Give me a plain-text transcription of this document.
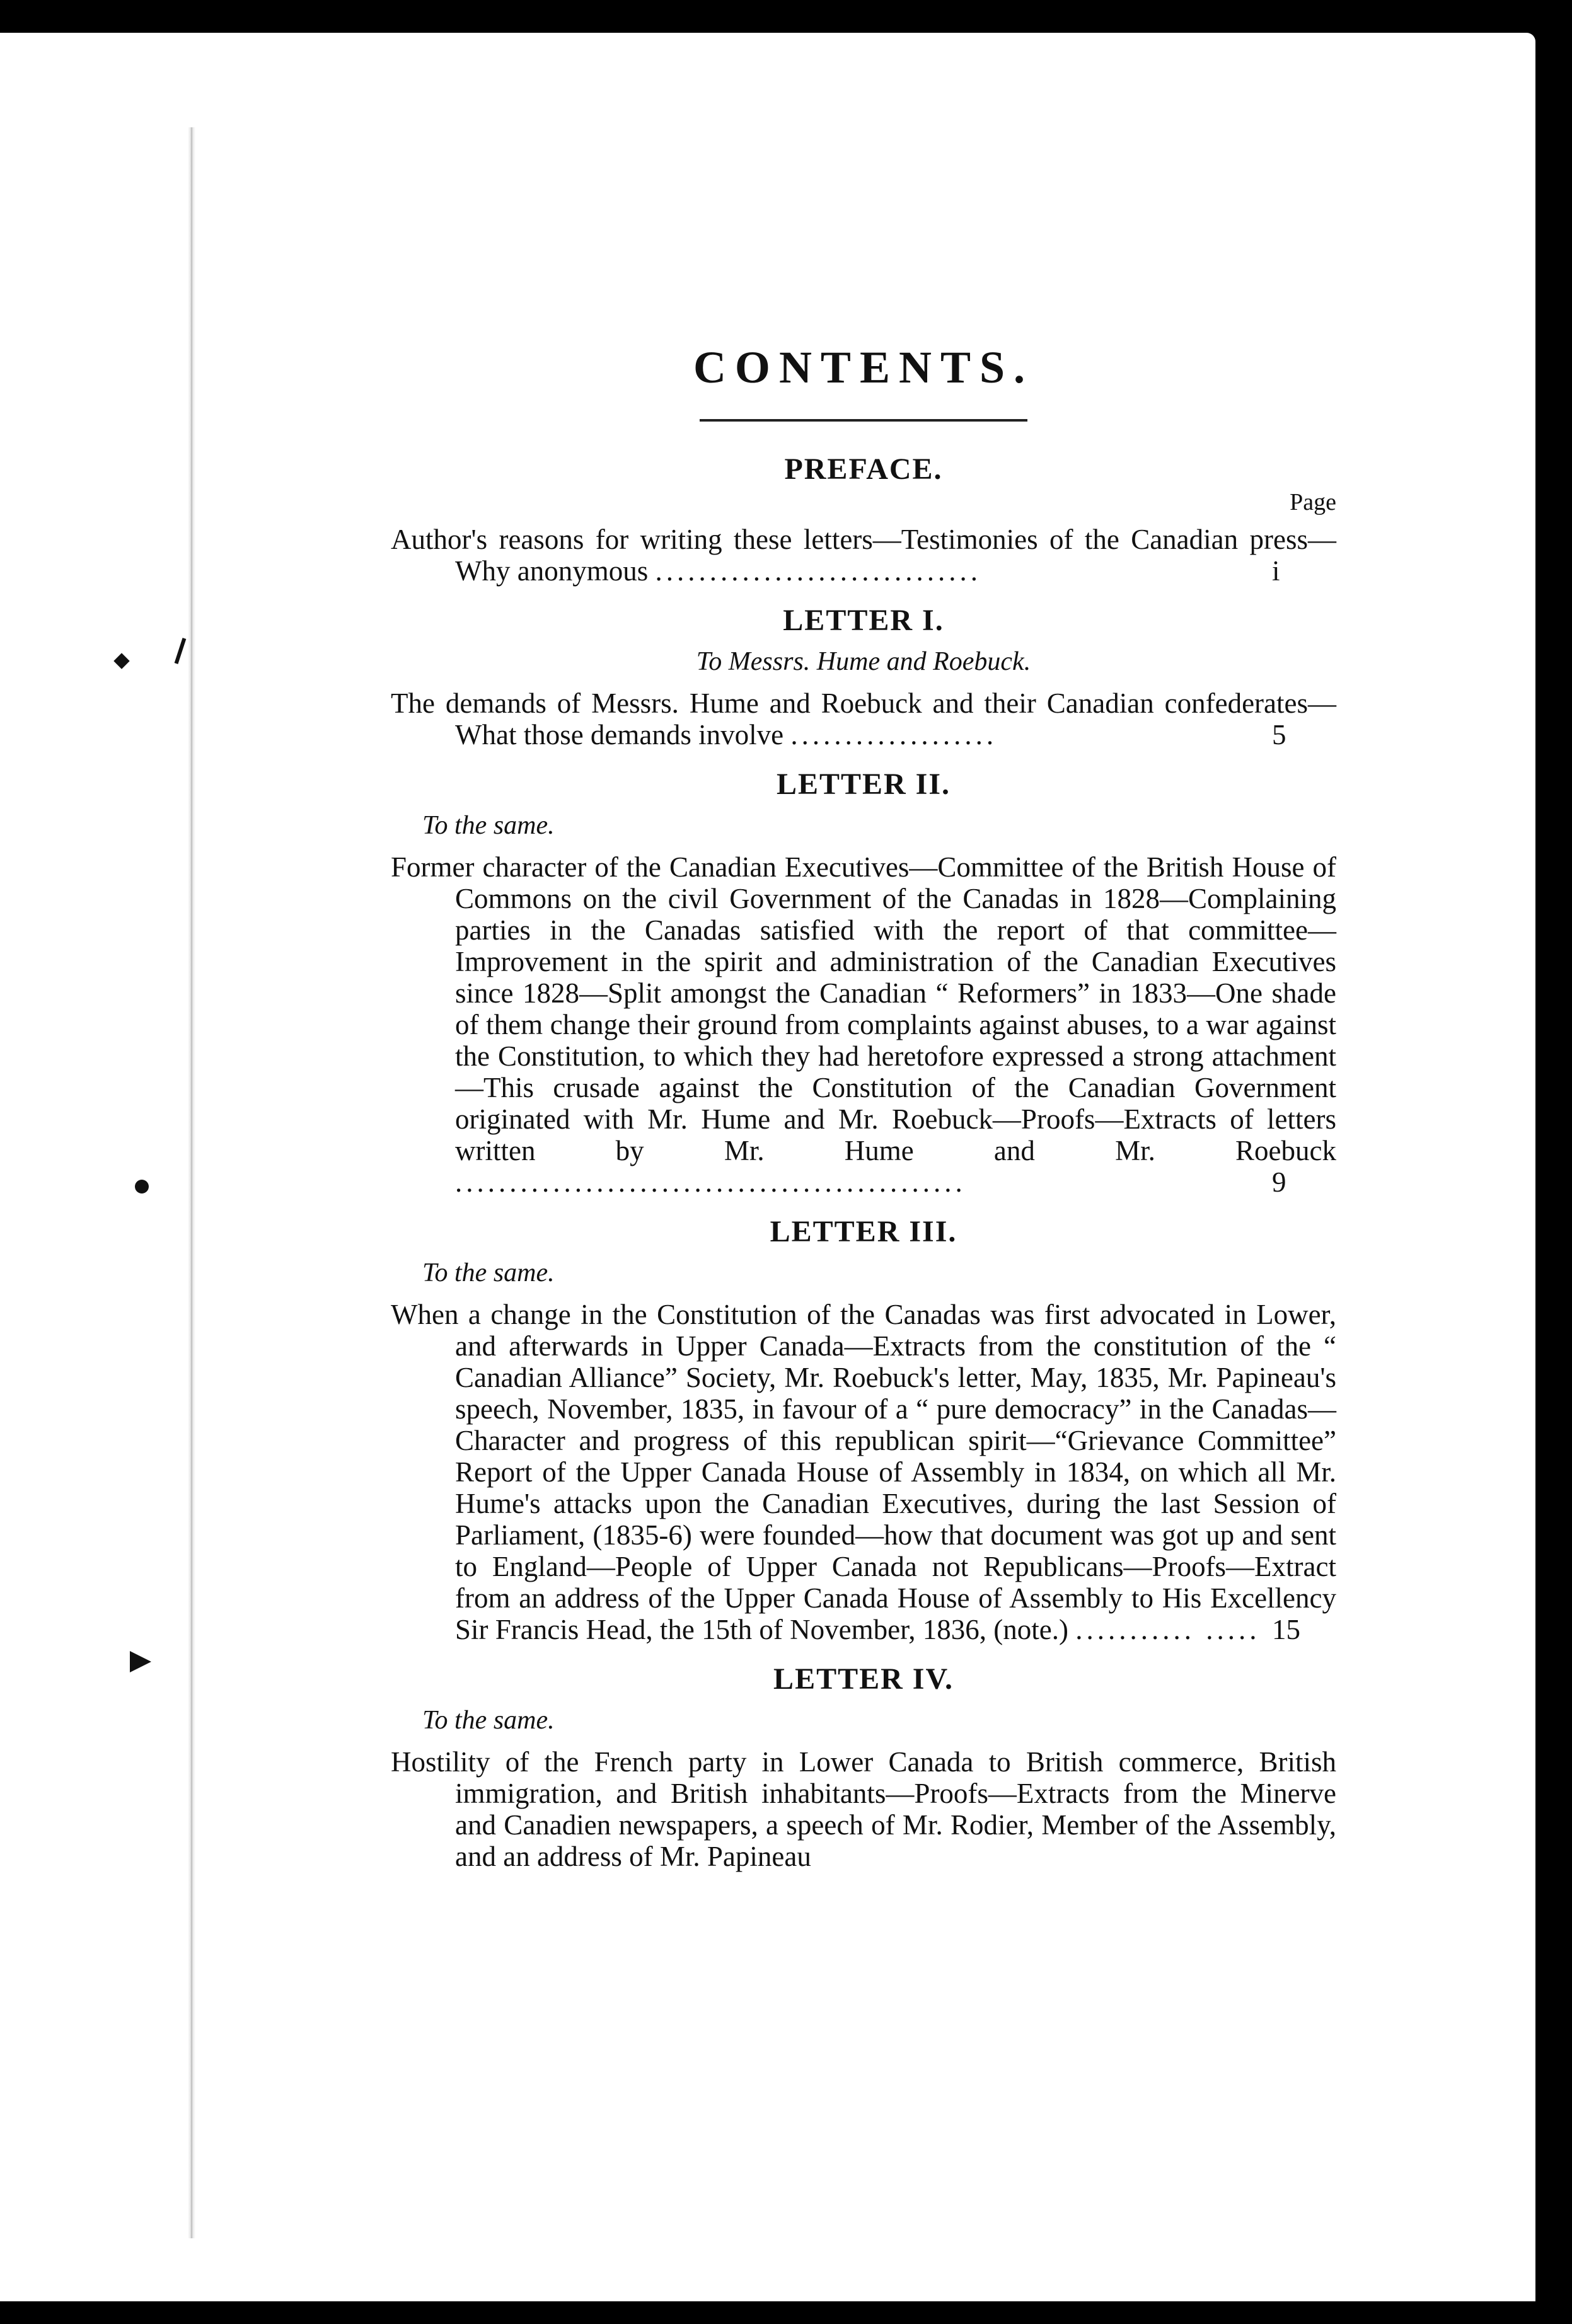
CONTENTS.
PREFACE.

Page

Author's reasons for writing these letters—Testimonies of the Canadian press—Why anonymous ..............................	i

LETTER I.

To Messrs. Hume and Roebuck.

The demands of Messrs. Hume and Roebuck and their Canadian confederates—What those demands involve ...................	5

LETTER II.

To the same.

Former character of the Canadian Executives—Committee of the British House of Commons on the civil Government of the Canadas in 1828—Complaining parties in the Canadas satisfied with the report of that committee—Improvement in the spirit and administration of the Canadian Executives since 1828—Split amongst the Canadian “ Reformers” in 1833—One shade of them change their ground from complaints against abuses, to a war against the Constitution, to which they had heretofore expressed a strong attachment—This crusade against the Constitution of the Canadian Government originated with Mr. Hume and Mr. Roebuck—Proofs—Extracts of letters written by Mr. Hume and Mr. Roebuck ...............................................	9

LETTER III.

To the same.

When a change in the Constitution of the Canadas was first advocated in Lower, and afterwards in Upper Canada—Extracts from the constitution of the “ Canadian Alliance” Society, Mr. Roebuck's letter, May, 1835, Mr. Papineau's speech, November, 1835, in favour of a “ pure democracy” in the Canadas—Character and progress of this republican spirit—“Grievance Committee” Report of the Upper Canada House of Assembly in 1834, on which all Mr. Hume's attacks upon the Canadian Executives, during the last Session of Parliament, (1835-6) were founded—how that document was got up and sent to England—People of Upper Canada not Republicans—Proofs—Extract from an address of the Upper Canada House of Assembly to His Excellency Sir Francis Head, the 15th of November, 1836, (note.) ........... ..... 15

LETTER IV.

To the same.

Hostility of the French party in Lower Canada to British commerce, British immigration, and British inhabitants—Proofs—Extracts from the Minerve and Canadien newspapers, a speech of Mr. Rodier, Member of the Assembly, and an address of Mr. Papineau
